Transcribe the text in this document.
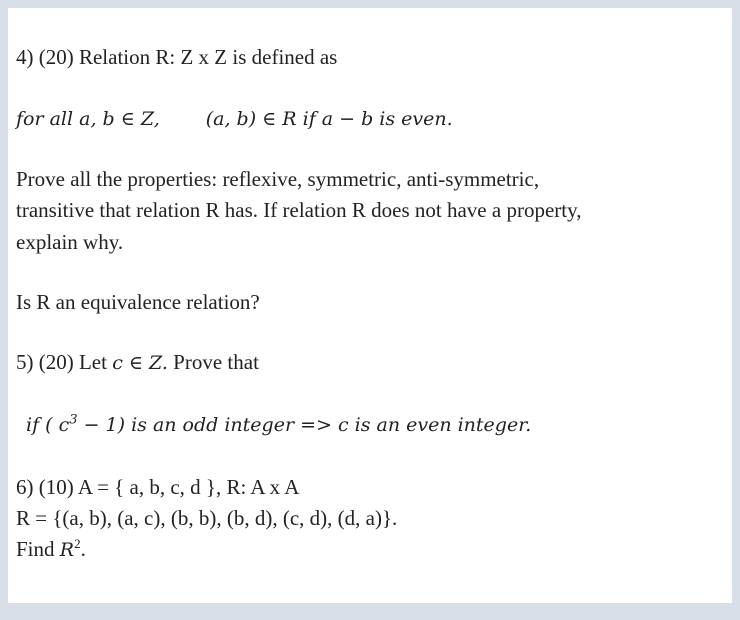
4) (20) Relation R: Z x Z is defined as
for all a, b ∈ Z, (a, b) ∈ R if a − b is even.
Prove all the properties: reflexive, symmetric, anti-symmetric,
transitive that relation R has. If relation R does not have a property,
explain why.
Is R an equivalence relation?
5) (20) Let c ∈ Z. Prove that
if ( $c^3 - 1$) is an odd integer => c is an even integer.
6) (10) A = { a, b, c, d }, R: A x A
R = {(a, b), (a, c), (b, b), (b, d), (c, d), (d, a)}.
Find $R^2$.
